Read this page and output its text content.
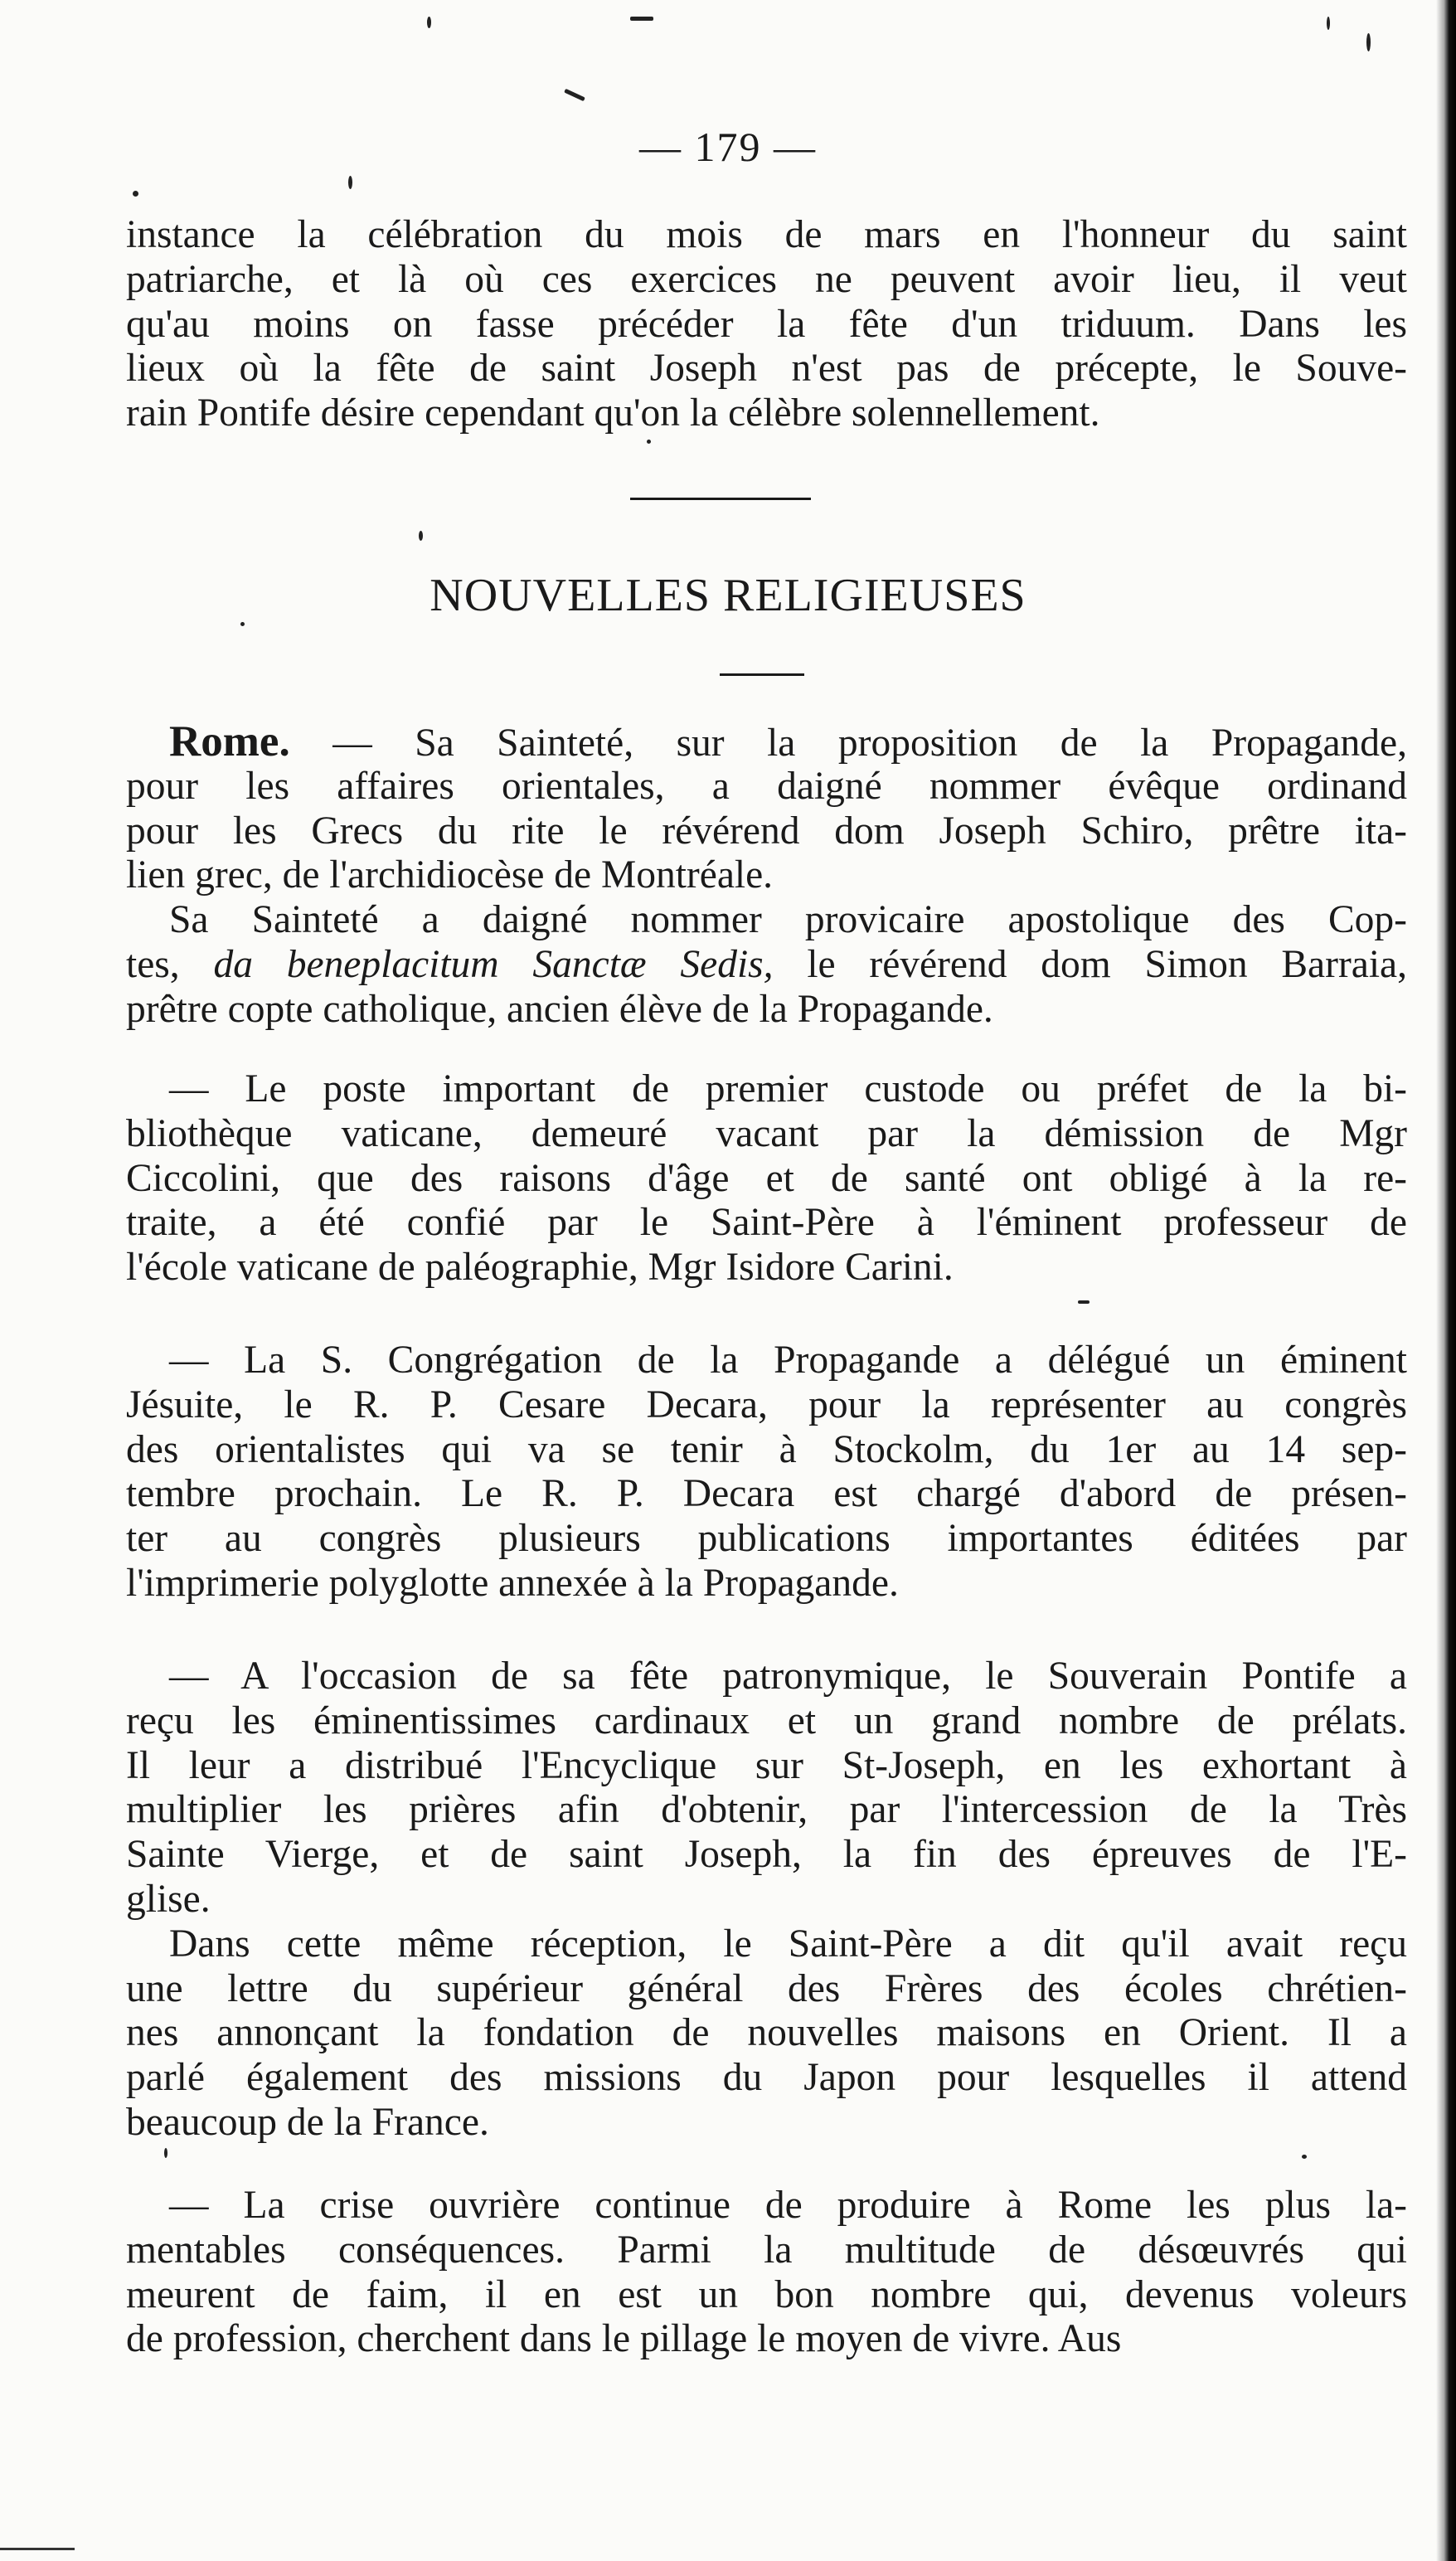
— 179 —
instance la célébration du mois de mars en l'honneur du saint
patriarche, et là où ces exercices ne peuvent avoir lieu, il veut
qu'au moins on fasse précéder la fête d'un triduum. Dans les
lieux où la fête de saint Joseph n'est pas de précepte, le Souve-
rain Pontife désire cependant qu'on la célèbre solennellement.
NOUVELLES RELIGIEUSES
Rome. — Sa Sainteté, sur la proposition de la Propagande,
pour les affaires orientales, a daigné nommer évêque ordinand
pour les Grecs du rite le révérend dom Joseph Schiro, prêtre ita-
lien grec, de l'archidiocèse de Montréale.
Sa Sainteté a daigné nommer provicaire apostolique des Cop-
tes, da beneplacitum Sanctæ Sedis, le révérend dom Simon Barraia,
prêtre copte catholique, ancien élève de la Propagande.
— Le poste important de premier custode ou préfet de la bi-
bliothèque vaticane, demeuré vacant par la démission de Mgr
Ciccolini, que des raisons d'âge et de santé ont obligé à la re-
traite, a été confié par le Saint-Père à l'éminent professeur de
l'école vaticane de paléographie, Mgr Isidore Carini.
— La S. Congrégation de la Propagande a délégué un éminent
Jésuite, le R. P. Cesare Decara, pour la représenter au congrès
des orientalistes qui va se tenir à Stockolm, du 1er au 14 sep-
tembre prochain. Le R. P. Decara est chargé d'abord de présen-
ter au congrès plusieurs publications importantes éditées par
l'imprimerie polyglotte annexée à la Propagande.
— A l'occasion de sa fête patronymique, le Souverain Pontife a
reçu les éminentissimes cardinaux et un grand nombre de prélats.
Il leur a distribué l'Encyclique sur St-Joseph, en les exhortant à
multiplier les prières afin d'obtenir, par l'intercession de la Très
Sainte Vierge, et de saint Joseph, la fin des épreuves de l'E-
glise.
Dans cette même réception, le Saint-Père a dit qu'il avait reçu
une lettre du supérieur général des Frères des écoles chrétien-
nes annonçant la fondation de nouvelles maisons en Orient. Il a
parlé également des missions du Japon pour lesquelles il attend
beaucoup de la France.
— La crise ouvrière continue de produire à Rome les plus la-
mentables conséquences. Parmi la multitude de désœuvrés qui
meurent de faim, il en est un bon nombre qui, devenus voleurs
de profession, cherchent dans le pillage le moyen de vivre. Aus
